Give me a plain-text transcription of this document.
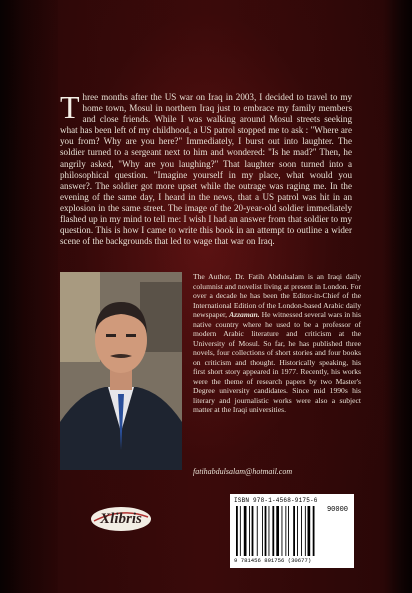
Three months after the US war on Iraq in 2003, I decided to travel to my home town, Mosul in northern Iraq just to embrace my family members and close friends. While I was walking around Mosul streets seeking what has been left of my childhood, a US patrol stopped me to ask : "Where are you from? Why are you here?" Immediately, I burst out into laughter. The soldier turned to a sergeant next to him and wondered: "Is he mad?" Then, he angrily asked, "Why are you laughing?" That laughter soon turned into a philosophical question. "Imagine yourself in my place, what would you answer?. The soldier got more upset while the outrage was raging me. In the evening of the same day, I heard in the news, that a US patrol was hit in an explosion in the same street. The image of the 20-year-old soldier immediately flashed up in my mind to tell me: I wish I had an answer from that soldier to my question. This is how I came to write this book in an attempt to outline a wider scene of the backgrounds that led to wage that war on Iraq.
The Author, Dr. Fatih Abdulsalam is an Iraqi daily columnist and novelist living at present in London. For over a decade he has been the Editor-in-Chief of the International Edition of the London-based Arabic daily newspaper, Azzaman. He witnessed several wars in his native country where he used to be a professor of modern Arabic literature and criticism at the University of Mosul. So far, he has published three novels, four collections of short stories and four books on criticism and thought. Historically speaking, his first short story appeared in 1977. Recently, his works were the theme of research papers by two Master's Degree university candidates. Since mid 1990s his literary and journalistic works were also a subject matter at the Iraqi universities.
fatihabdulsalam@hotmail.com
Xlibris
ISBN 978-1-4568-9175-6
90000
9 781456 891756 (30677)
